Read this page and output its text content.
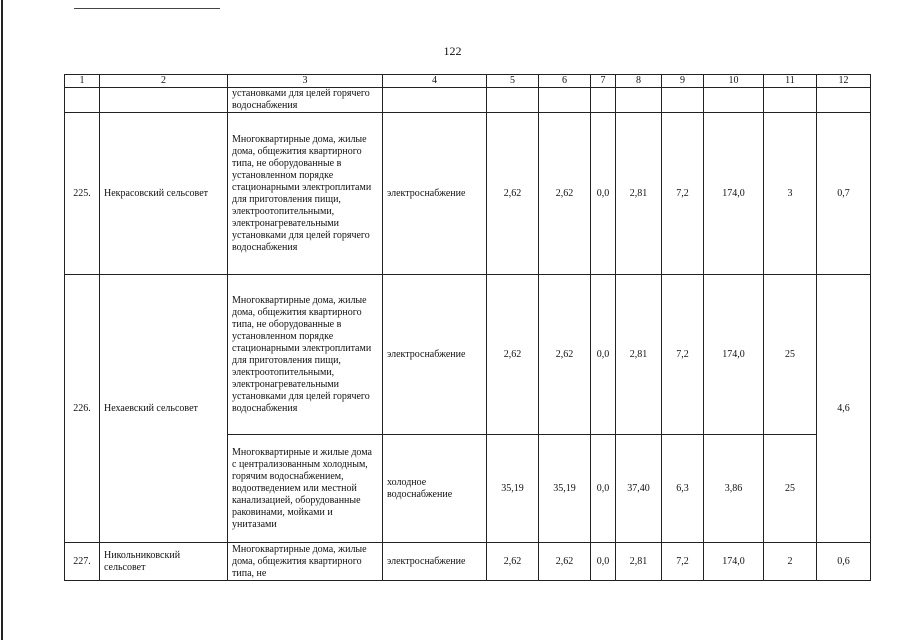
122
1	2	3	4	5	6	7	8	9	10	11	12
		установками для целей горячего водоснабжения									
225.	Некрасовский сельсовет	Многоквартирные дома, жилые дома, общежития квартирного типа, не оборудованные в установленном порядке стационарными электроплитами для приготовления пищи, электроотопительными, электронагревательными установками для целей горячего водоснабжения	электроснабжение	2,62	2,62	0,0	2,81	7,2	174,0	3	0,7
226.	Нехаевский сельсовет	Многоквартирные дома, жилые дома, общежития квартирного типа, не оборудованные в установленном порядке стационарными электроплитами для приготовления пищи, электроотопительными, электронагревательными установками для целей горячего водоснабжения	электроснабжение	2,62	2,62	0,0	2,81	7,2	174,0	25	4,6
		Многоквартирные и жилые дома с централизованным холодным, горячим водоснабжением, водоотведением или местной канализацией, оборудованные раковинами, мойками и унитазами	холодное водоснабжение	35,19	35,19	0,0	37,40	6,3	3,86	25	
227.	Никольниковский сельсовет	Многоквартирные дома, жилые дома, общежития квартирного типа, не	электроснабжение	2,62	2,62	0,0	2,81	7,2	174,0	2	0,6
